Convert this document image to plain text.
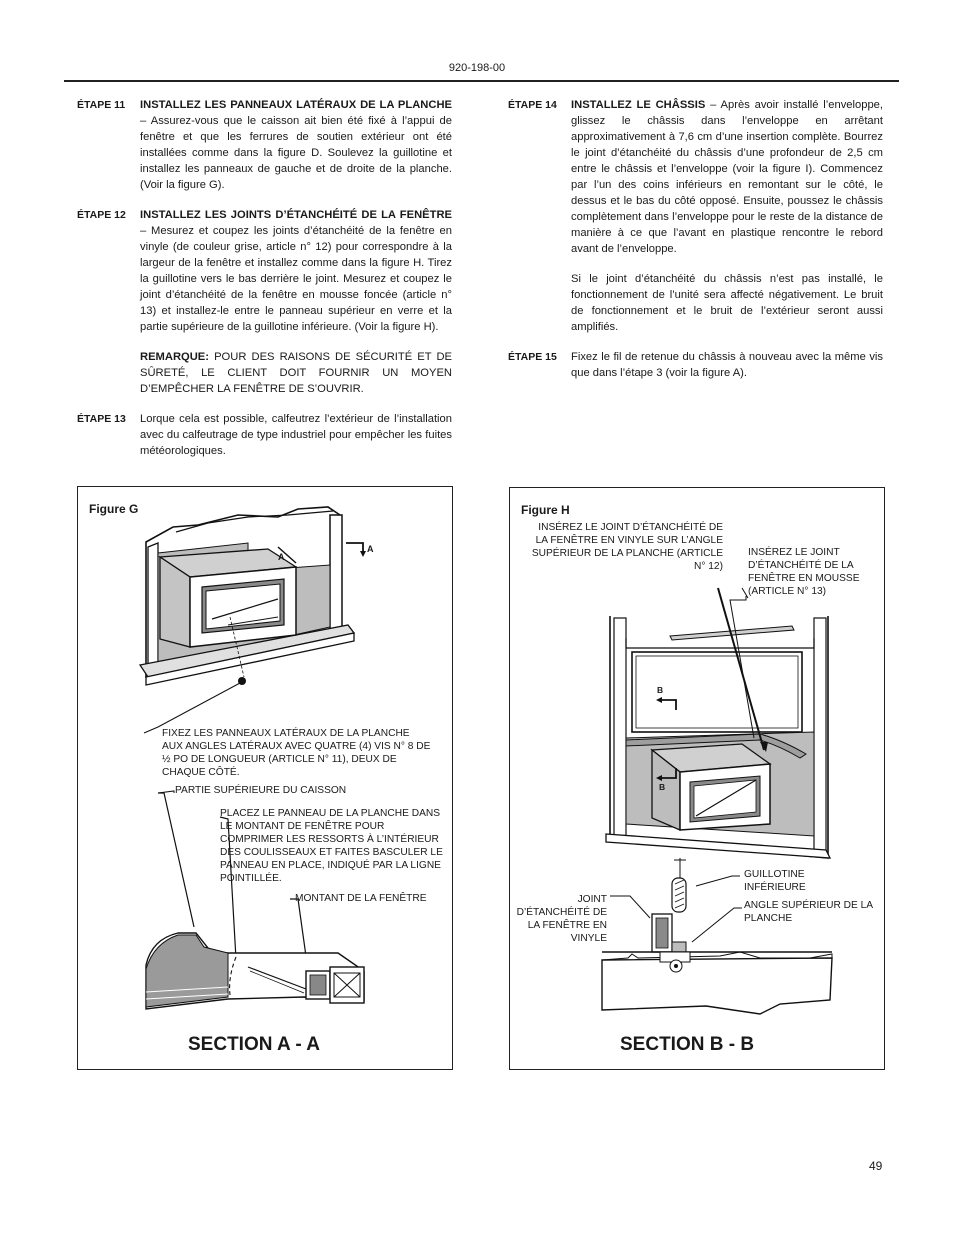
920-198-00
ÉTAPE 11	INSTALLEZ LES PANNEAUX LATÉRAUX DE LA PLANCHE – Assurez-vous que le caisson ait bien été fixé à l’appui de fenêtre et que les ferrures de soutien extérieur ont été installées comme dans la figure D. Soulevez la guillotine et installez les panneaux de gauche et de droite de la planche. (Voir la figure G).
ÉTAPE 12	INSTALLEZ LES JOINTS D’ÉTANCHÉITÉ DE LA FENÊTRE – Mesurez et coupez les joints d’étanchéité de la fenêtre en vinyle (de couleur grise, article n° 12) pour correspondre à la largeur de la fenêtre et installez comme dans la figure H. Tirez la guillotine vers le bas derrière le joint. Mesurez et coupez le joint d’étanchéité de la fenêtre en mousse foncée (article n° 13) et installez-le entre le panneau supérieur en verre et la partie supérieure de la guillotine inférieure. (Voir la figure H).
REMARQUE: POUR DES RAISONS DE SÉCURITÉ ET DE SÛRETÉ, LE CLIENT DOIT FOURNIR UN MOYEN D’EMPÊCHER LA FENÊTRE DE S’OUVRIR.
ÉTAPE 13	Lorque cela est possible, calfeutrez l’extérieur de l’installation avec du calfeutrage de type industriel pour empêcher les fuites météorologiques.
ÉTAPE 14	INSTALLEZ LE CHÂSSIS – Après avoir installé l’enveloppe, glissez le châssis dans l’enveloppe en arrêtant approximativement à 7,6 cm d’une insertion complète. Bourrez le joint d’étanchéité du châssis d’une profondeur de 2,5 cm entre le châssis et l’enveloppe (voir la figure I). Commencez par l’un des coins inférieurs en remontant sur le côté, le dessus et le bas du côté opposé. Ensuite, poussez le châssis complètement dans l’enveloppe pour le reste de la distance de manière à ce que l’avant en plastique rencontre le rebord avant de l’enveloppe.
Si le joint d’étanchéité du châssis n’est pas installé, le fonctionnement de l’unité sera affecté négativement. Le bruit de fonctionnement et le bruit de l’extérieur seront aussi amplifiés.
ÉTAPE 15	Fixez le fil de retenue du châssis à nouveau avec la même vis que dans l’étape 3 (voir la figure A).
Figure G
A
A
FIXEZ LES PANNEAUX LATÉRAUX DE LA PLANCHE AUX ANGLES LATÉRAUX AVEC QUATRE (4) VIS N° 8 DE ½ PO DE LONGUEUR (ARTICLE N° 11), DEUX DE CHAQUE CÔTÉ.
PARTIE SUPÉRIEURE DU CAISSON
PLACEZ LE PANNEAU DE LA PLANCHE DANS LE MONTANT DE FENÊTRE POUR COMPRIMER LES RESSORTS À L’INTÉRIEUR DES COULISSEAUX ET FAITES BASCULER LE PANNEAU EN PLACE, INDIQUÉ PAR LA LIGNE POINTILLÉE.
MONTANT DE LA FENÊTRE
SECTION A - A
Figure H
INSÉREZ LE JOINT D’ÉTANCHÉITÉ DE LA FENÊTRE EN VINYLE SUR L’ANGLE SUPÉRIEUR DE LA PLANCHE (ARTICLE N° 12)
INSÉREZ LE JOINT D’ÉTANCHÉITÉ DE LA FENÊTRE EN MOUSSE (ARTICLE N° 13)
B
B
GUILLOTINE INFÉRIEURE
ANGLE SUPÉRIEUR DE LA PLANCHE
JOINT D’ÉTANCHÉITÉ DE LA FENÊTRE EN VINYLE
SECTION B - B
49
